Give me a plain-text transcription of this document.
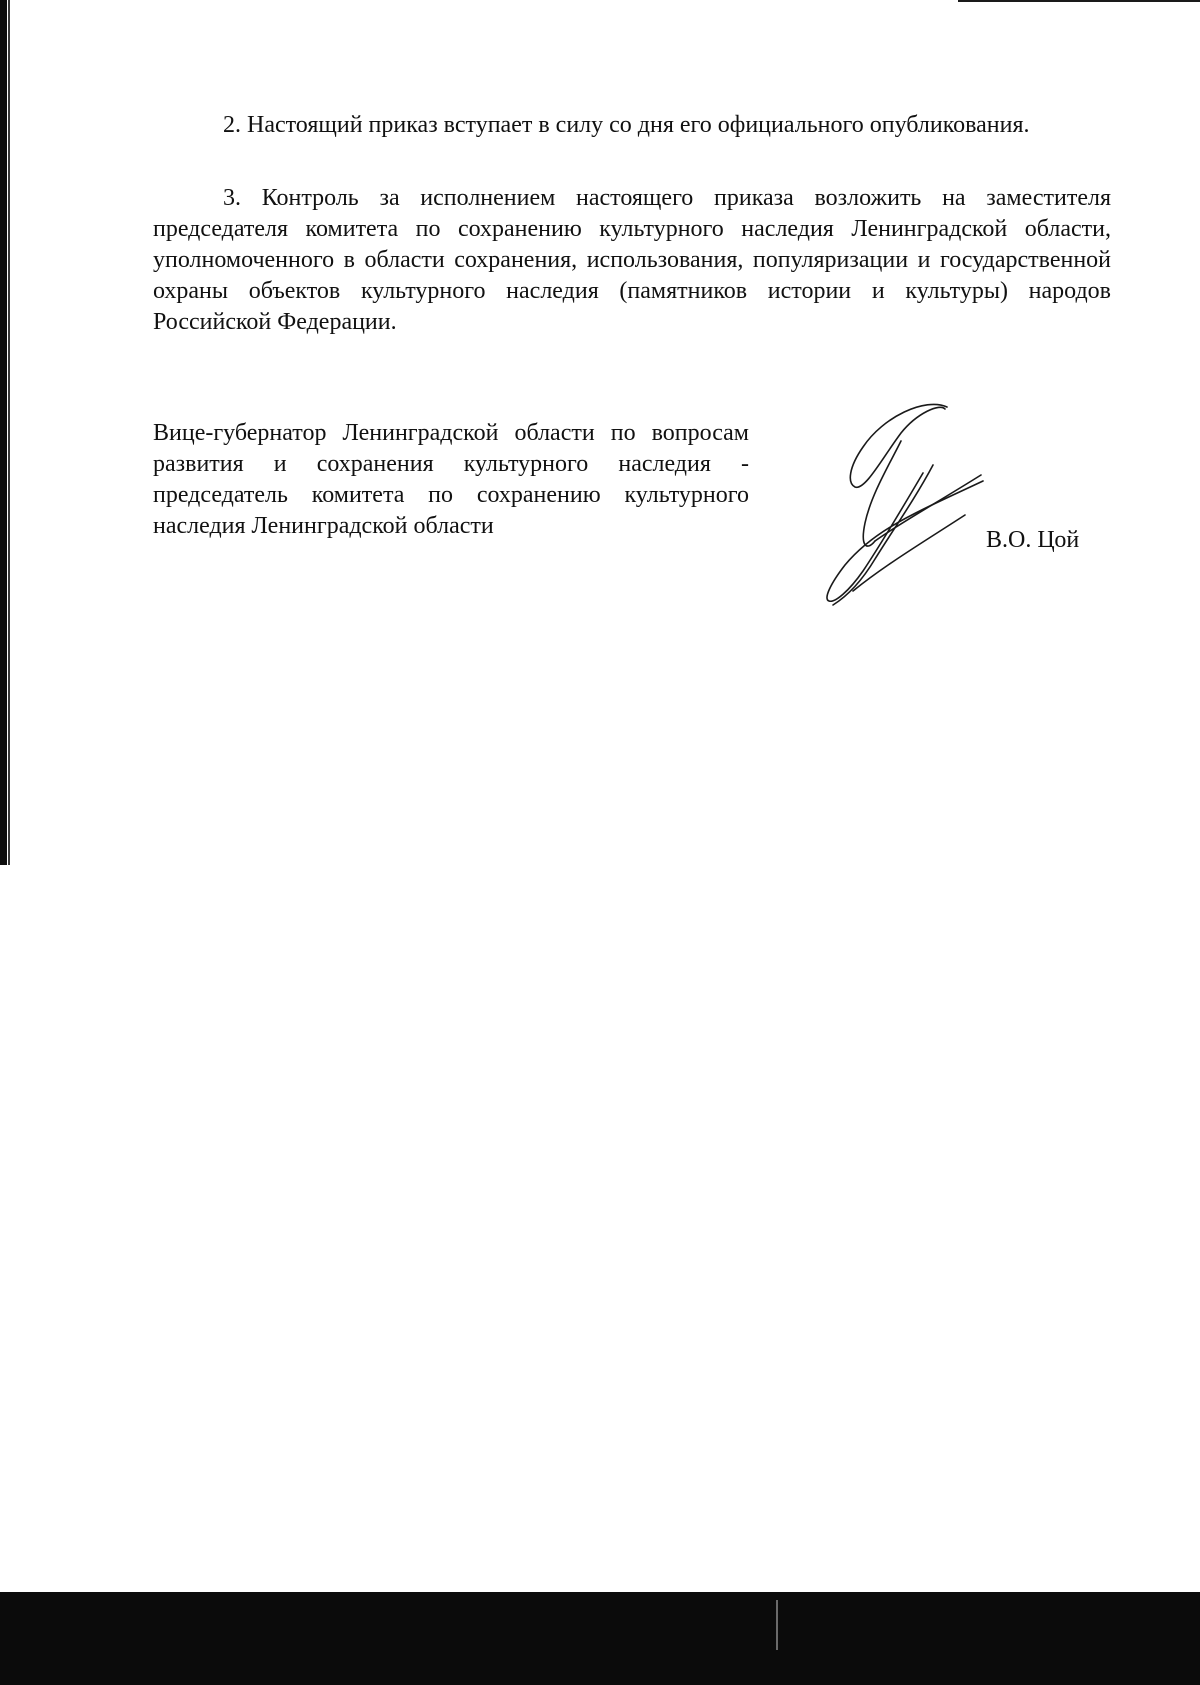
2. Настоящий приказ вступает в силу со дня его официального опубликования.

3. Контроль за исполнением настоящего приказа возложить на заместителя председателя комитета по сохранению культурного наследия Ленинградской области, уполномоченного в области сохранения, использования, популяризации и государственной охраны объектов культурного наследия (памятников истории и культуры) народов Российской Федерации.

Вице-губернатор Ленинградской области по вопросам развития и сохранения культурного наследия - председатель комитета по сохранению культурного наследия Ленинградской области

В.О. Цой
